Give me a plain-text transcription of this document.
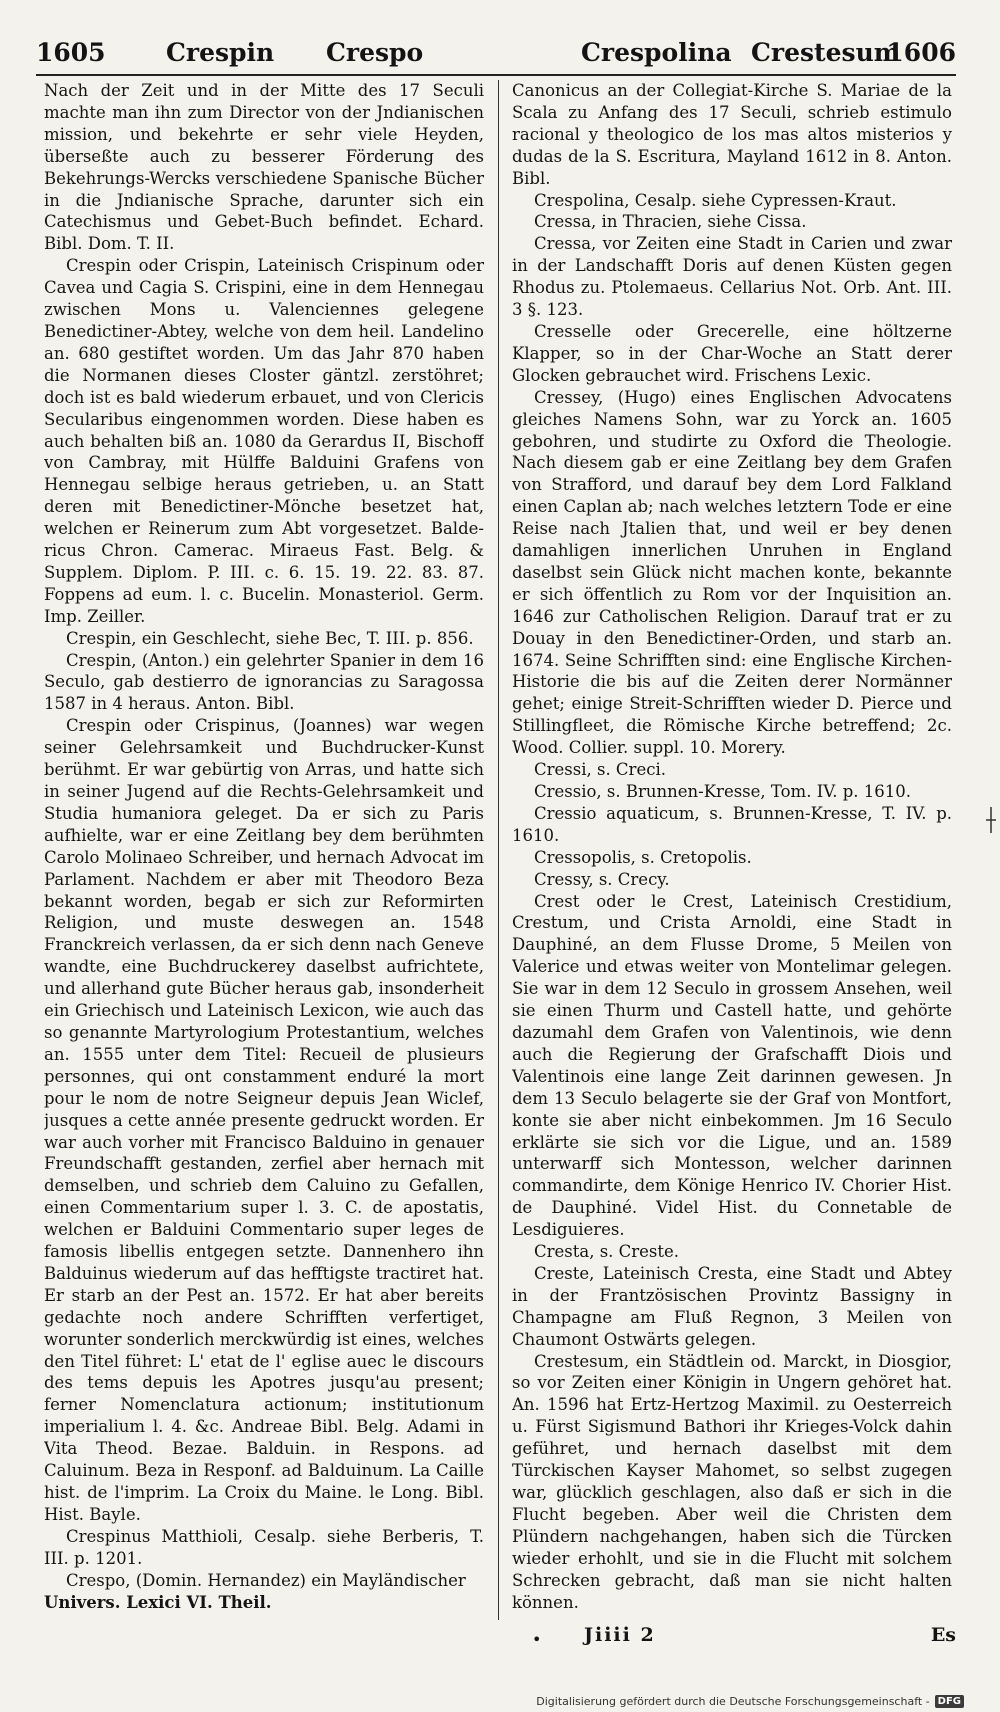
1605 Crespin Crespo	Crespolina Crestesum
1606

Nach der Zeit und in der Mitte des 17 Seculi machte man ihn zum Director von der Jndianischen mission, und bekehrte er sehr viele Heyden, überseßte auch zu besserer Förderung des Bekehrungs-Wercks verschiedene Spanische Bücher in die Jndianische Sprache, darunter sich ein Catechismus und Gebet-Buch befindet. Echard. Bibl. Dom. T. II.

Crespin oder Crispin, Lateinisch Crispinum oder Cavea und Cagia S. Crispini, eine in dem Hennegau zwischen Mons u. Valenciennes gelegene Benedictiner-Abtey, welche von dem heil. Landelino an. 680 gestiftet worden. Um das Jahr 870 haben die Normanen dieses Closter gäntzl. zerstöhret; doch ist es bald wiederum erbauet, und von Clericis Secularibus eingenommen worden. Diese haben es auch behalten biß an. 1080 da Gerardus II, Bischoff von Cambray, mit Hülffe Balduini Grafens von Hennegau selbige heraus getrieben, u. an Statt deren mit Benedictiner-Mönche besetzet hat, welchen er Reinerum zum Abt vorgesetzet. Balde-ricus Chron. Camerac. Miraeus Fast. Belg. & Supplem. Diplom. P. III. c. 6. 15. 19. 22. 83. 87. Foppens ad eum. l. c. Bucelin. Monasteriol. Germ. Imp. Zeiller.

Crespin, ein Geschlecht, siehe Bec, T. III. p. 856.

Crespin, (Anton.) ein gelehrter Spanier in dem 16 Seculo, gab destierro de ignorancias zu Saragossa 1587 in 4 heraus. Anton. Bibl.

Crespin oder Crispinus, (Joannes) war wegen seiner Gelehrsamkeit und Buchdrucker-Kunst berühmt. Er war gebürtig von Arras, und hatte sich in seiner Jugend auf die Rechts-Gelehrsamkeit und Studia humaniora geleget. Da er sich zu Paris aufhielte, war er eine Zeitlang bey dem berühmten Carolo Molinaeo Schreiber, und hernach Advocat im Parlament. Nachdem er aber mit Theodoro Beza bekannt worden, begab er sich zur Reformirten Religion, und muste deswegen an. 1548 Franckreich verlassen, da er sich denn nach Geneve wandte, eine Buchdruckerey daselbst aufrichtete, und allerhand gute Bücher heraus gab, insonderheit ein Griechisch und Lateinisch Lexicon, wie auch das so genannte Martyrologium Protestantium, welches an. 1555 unter dem Titel: Recueil de plusieurs personnes, qui ont constamment enduré la mort pour le nom de notre Seigneur depuis Jean Wiclef, jusques a cette année presente gedruckt worden. Er war auch vorher mit Francisco Balduino in genauer Freundschafft gestanden, zerfiel aber hernach mit demselben, und schrieb dem Caluino zu Gefallen, einen Commentarium super l. 3. C. de apostatis, welchen er Balduini Commentario super leges de famosis libellis entgegen setzte. Dannenhero ihn Balduinus wiederum auf das hefftigste tractiret hat. Er starb an der Pest an. 1572. Er hat aber bereits gedachte noch andere Schrifften verfertiget, worunter sonderlich merckwürdig ist eines, welches den Titel führet: L' etat de l' eglise auec le discours des tems depuis les Apotres jusqu'au present; ferner Nomenclatura actionum; institutionum imperialium l. 4. &c. Andreae Bibl. Belg. Adami in Vita Theod. Bezae. Balduin. in Respons. ad Caluinum. Beza in Responf. ad Balduinum. La Caille hist. de l'imprim. La Croix du Maine. le Long. Bibl. Hist. Bayle.

Crespinus Matthioli, Cesalp. siehe Berberis, T. III. p. 1201.

Crespo, (Domin. Hernandez) ein Mayländischer

Univers. Lexici VI. Theil.

Canonicus an der Collegiat-Kirche S. Mariae de la Scala zu Anfang des 17 Seculi, schrieb estimulo racional y theologico de los mas altos misterios y dudas de la S. Escritura, Mayland 1612 in 8. Anton. Bibl.

Crespolina, Cesalp. siehe Cypressen-Kraut.

Cressa, in Thracien, siehe Cissa.

Cressa, vor Zeiten eine Stadt in Carien und zwar in der Landschafft Doris auf denen Küsten gegen Rhodus zu. Ptolemaeus. Cellarius Not. Orb. Ant. III. 3 §. 123.

Cresselle oder Grecerelle, eine höltzerne Klapper, so in der Char-Woche an Statt derer Glocken gebrauchet wird. Frischens Lexic.

Cressey, (Hugo) eines Englischen Advocatens gleiches Namens Sohn, war zu Yorck an. 1605 gebohren, und studirte zu Oxford die Theologie. Nach diesem gab er eine Zeitlang bey dem Grafen von Strafford, und darauf bey dem Lord Falkland einen Caplan ab; nach welches letztern Tode er eine Reise nach Jtalien that, und weil er bey denen damahligen innerlichen Unruhen in England daselbst sein Glück nicht machen konte, bekannte er sich öffentlich zu Rom vor der Inquisition an. 1646 zur Catholischen Religion. Darauf trat er zu Douay in den Benedictiner-Orden, und starb an. 1674. Seine Schrifften sind: eine Englische Kirchen-Historie die bis auf die Zeiten derer Normänner gehet; einige Streit-Schrifften wieder D. Pierce und Stillingfleet, die Römische Kirche betreffend; 2c. Wood. Collier. suppl. 10. Morery.

Cressi, s. Creci.

Cressio, s. Brunnen-Kresse, Tom. IV. p. 1610.

Cressio aquaticum, s. Brunnen-Kresse, T. IV. p. 1610.

Cressopolis, s. Cretopolis.

Cressy, s. Crecy.

Crest oder le Crest, Lateinisch Crestidium, Crestum, und Crista Arnoldi, eine Stadt in Dauphiné, an dem Flusse Drome, 5 Meilen von Valerice und etwas weiter von Montelimar gelegen. Sie war in dem 12 Seculo in grossem Ansehen, weil sie einen Thurm und Castell hatte, und gehörte dazumahl dem Grafen von Valentinois, wie denn auch die Regierung der Grafschafft Diois und Valentinois eine lange Zeit darinnen gewesen. Jn dem 13 Seculo belagerte sie der Graf von Montfort, konte sie aber nicht einbekommen. Jm 16 Seculo erklärte sie sich vor die Ligue, und an. 1589 unterwarff sich Montesson, welcher darinnen commandirte, dem Könige Henrico IV. Chorier Hist. de Dauphiné. Videl Hist. du Connetable de Lesdiguieres.

Cresta, s. Creste.

Creste, Lateinisch Cresta, eine Stadt und Abtey in der Frantzösischen Provintz Bassigny in Champagne am Fluß Regnon, 3 Meilen von Chaumont Ostwärts gelegen.

Crestesum, ein Städtlein od. Marckt, in Diosgior, so vor Zeiten einer Königin in Ungern gehöret hat. An. 1596 hat Ertz-Hertzog Maximil. zu Oesterreich u. Fürst Sigismund Bathori ihr Krieges-Volck dahin geführet, und hernach daselbst mit dem Türckischen Kayser Mahomet, so selbst zugegen war, glücklich geschlagen, also daß er sich in die Flucht begeben. Aber weil die Christen dem Plündern nachgehangen, haben sich die Türcken wieder erhohlt, und sie in die Flucht mit solchem Schrecken gebracht, daß man sie nicht halten können.

• Jiiii 2	Es
Digitalisierung gefördert durch die Deutsche Forschungsgemeinschaft - DFG
